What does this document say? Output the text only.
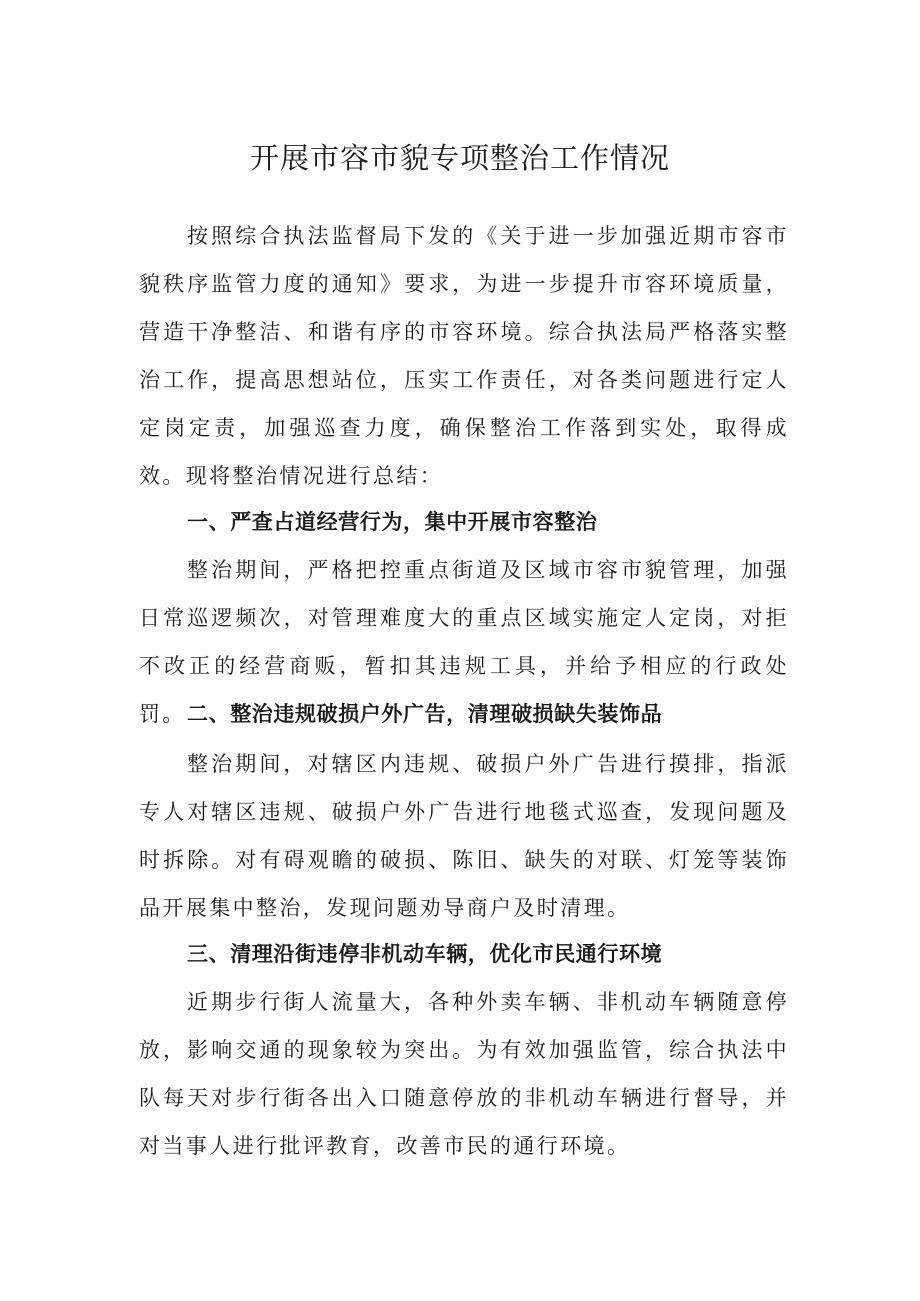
开展市容市貌专项整治工作情况

按照综合执法监督局下发的《关于进一步加强近期市容市貌秩序监管力度的通知》要求，为进一步提升市容环境质量，营造干净整洁、和谐有序的市容环境。综合执法局严格落实整治工作，提高思想站位，压实工作责任，对各类问题进行定人定岗定责，加强巡查力度，确保整治工作落到实处，取得成效。现将整治情况进行总结：

一、严查占道经营行为，集中开展市容整治

整治期间，严格把控重点街道及区域市容市貌管理，加强日常巡逻频次，对管理难度大的重点区域实施定人定岗，对拒不改正的经营商贩，暂扣其违规工具，并给予相应的行政处罚。 二、整治违规破损户外广告，清理破损缺失装饰品

整治期间，对辖区内违规、破损户外广告进行摸排，指派专人对辖区违规、破损户外广告进行地毯式巡查，发现问题及时拆除。对有碍观瞻的破损、陈旧、缺失的对联、灯笼等装饰品开展集中整治，发现问题劝导商户及时清理。

三、清理沿街违停非机动车辆，优化市民通行环境

近期步行街人流量大，各种外卖车辆、非机动车辆随意停放，影响交通的现象较为突出。为有效加强监管，综合执法中队每天对步行街各出入口随意停放的非机动车辆进行督导，并对当事人进行批评教育，改善市民的通行环境。
